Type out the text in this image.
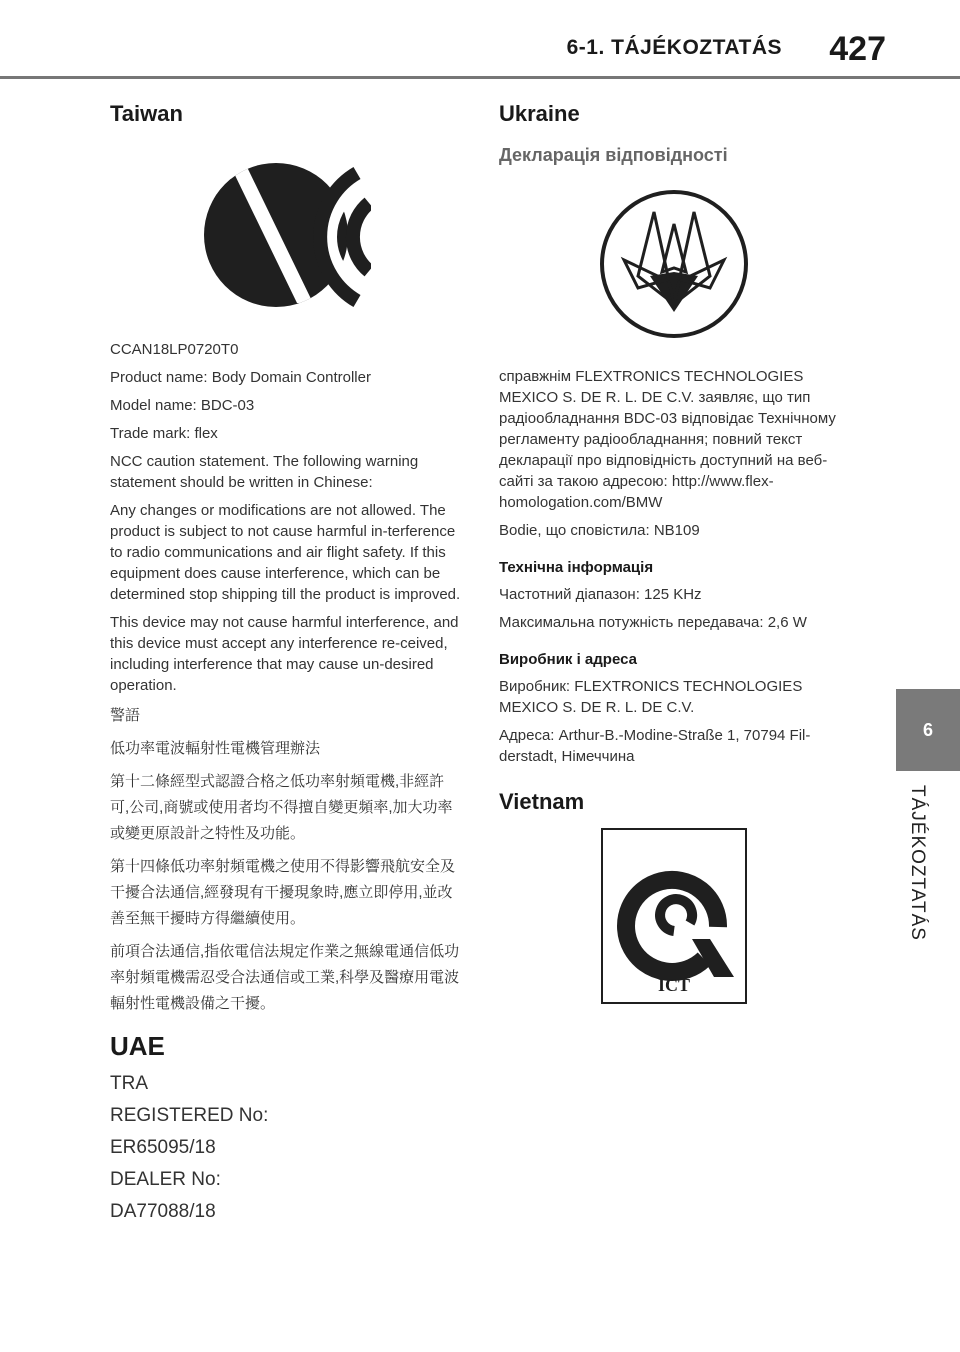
6-1. TÁJÉKOZTATÁS 427
6
TÁJÉKOZTATÁS
Taiwan

CCAN18LP0720T0

Product name: Body Domain Controller

Model name: BDC-03

Trade mark: flex

NCC caution statement. The following warning statement should be written in Chinese:

Any changes or modifications are not allowed. The product is subject to not cause harmful in-terference to radio communications and air flight safety. If this equipment does cause interference, which can be determined stop shipping till the product is improved.

This device may not cause harmful interference, and this device must accept any interference re-ceived, including interference that may cause un-desired operation.

警語

低功率電波輻射性電機管理辦法

第十二條經型式認證合格之低功率射頻電機,非經許可,公司,商號或使用者均不得擅自變更頻率,加大功率或變更原設計之特性及功能。

第十四條低功率射頻電機之使用不得影響飛航安全及干擾合法通信,經發現有干擾現象時,應立即停用,並改善至無干擾時方得繼續使用。

前項合法通信,指依電信法規定作業之無線電通信低功率射頻電機需忍受合法通信或工業,科學及醫療用電波輻射性電機設備之干擾。

UAE

TRA

REGISTERED No:

ER65095/18

DEALER No:

DA77088/18

Ukraine
Декларація відповідності

справжнім FLEXTRONICS TECHNOLOGIES MEXICO S. DE R. L. DE C.V. заявляє, що тип радіообладнання BDC-03 відповідає Технічному регламенту радіообладнання; повний текст декларації про відповідність доступний на веб-сайті за такою адресою: http://www.flex-homologation.com/BMW

Bodie, що сповістила: NB109

Технічна інформація

Частотний діапазон: 125 KHz

Максимальна потужність передавача: 2,6 W

Виробник і адреса

Виробник: FLEXTRONICS TECHNOLOGIES MEXICO S. DE R. L. DE C.V.

Адреса: Arthur-B.-Modine-Straße 1, 70794 Fil-derstadt, Німеччина

Vietnam
ICT
